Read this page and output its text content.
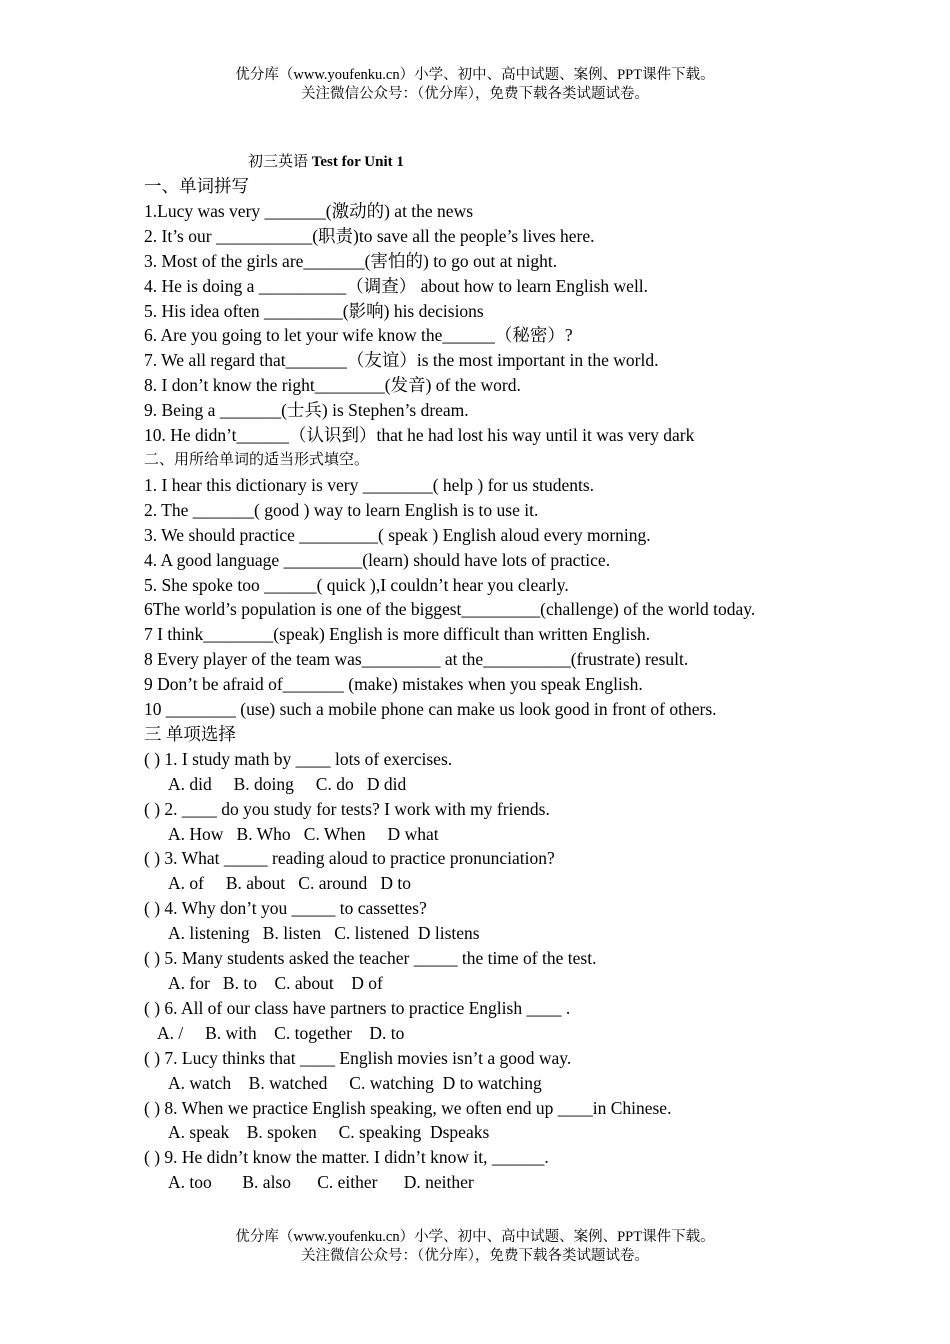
优分库（www.youfenku.cn）小学、初中、高中试题、案例、PPT课件下载。
关注微信公众号：（优分库），免费下载各类试题试卷。
初三英语 Test for Unit 1
一、单词拼写
1.Lucy was very _______(激动的) at the news
2. It’s our ___________(职责)to save all the people’s lives here.
3. Most of the girls are_______(害怕的) to go out at night.
4. He is doing a __________（调查） about how to learn English well.
5. His idea often _________(影响) his decisions
6. Are you going to let your wife know the______（秘密）?
7. We all regard that_______（友谊）is the most important in the world.
8. I don’t know the right________(发音) of the word.
9. Being a _______(士兵) is Stephen’s dream.
10. He didn’t______（认识到）that he had lost his way until it was very dark
二、用所给单词的适当形式填空。
1. I hear this dictionary is very ________( help ) for us students.
2. The _______( good ) way to learn English is to use it.
3. We should practice _________( speak ) English aloud every morning.
4. A good language _________(learn) should have lots of practice.
5. She spoke too ______( quick ),I couldn’t hear you clearly.
6The world’s population is one of the biggest_________(challenge) of the world today.
7 I think________(speak) English is more difficult than written English.
8 Every player of the team was_________ at the__________(frustrate) result.
9 Don’t be afraid of_______ (make) mistakes when you speak English.
10 ________ (use) such a mobile phone can make us look good in front of others.
三 单项选择
( ) 1. I study math by ____ lots of exercises.
A. did     B. doing     C. do   D did
( ) 2. ____ do you study for tests? I work with my friends.
A. How   B. Who   C. When     D what
( ) 3. What _____ reading aloud to practice pronunciation?
A. of     B. about   C. around   D to
( ) 4. Why don’t you _____ to cassettes?
A. listening   B. listen   C. listened  D listens
( ) 5. Many students asked the teacher _____ the time of the test.
A. for   B. to    C. about    D of
( ) 6. All of our class have partners to practice English ____ .
A. /     B. with    C. together    D. to
( ) 7. Lucy thinks that ____ English movies isn’t a good way.
A. watch    B. watched     C. watching  D to watching
( ) 8. When we practice English speaking, we often end up ____in Chinese.
A. speak    B. spoken     C. speaking  Dspeaks
( ) 9. He didn’t know the matter. I didn’t know it, ______.
A. too       B. also      C. either      D. neither
优分库（www.youfenku.cn）小学、初中、高中试题、案例、PPT课件下载。
关注微信公众号：（优分库），免费下载各类试题试卷。
